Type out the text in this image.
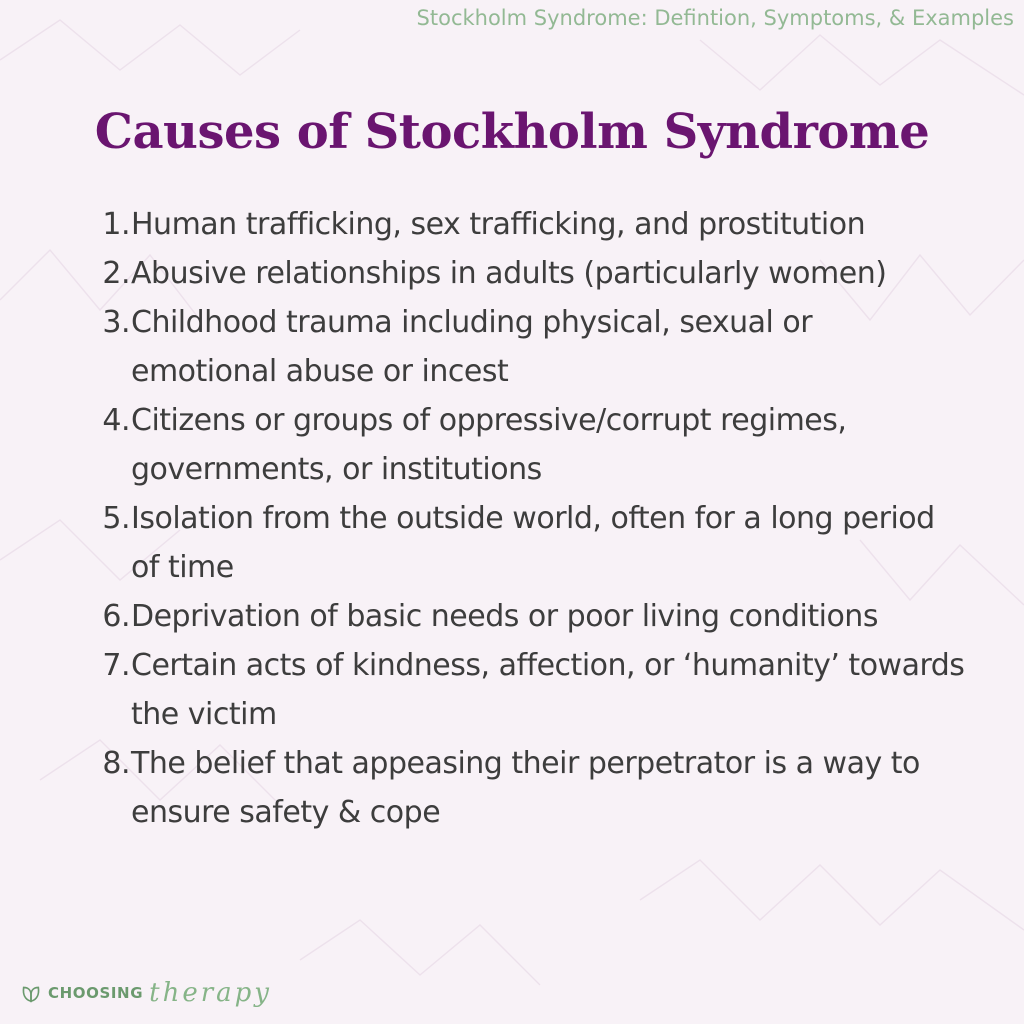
Stockholm Syndrome: Defintion, Symptoms, & Examples
Causes of Stockholm Syndrome
1. Human trafficking, sex trafficking, and prostitution
2. Abusive relationships in adults (particularly women)
3. Childhood trauma including physical, sexual or emotional abuse or incest
4. Citizens or groups of oppressive/corrupt regimes, governments, or institutions
5. Isolation from the outside world, often for a long period of time
6. Deprivation of basic needs or poor living conditions
7. Certain acts of kindness, affection, or ‘humanity’ towards the victim
8. The belief that appeasing their perpetrator is a way to ensure safety & cope
CHOOSING therapy
